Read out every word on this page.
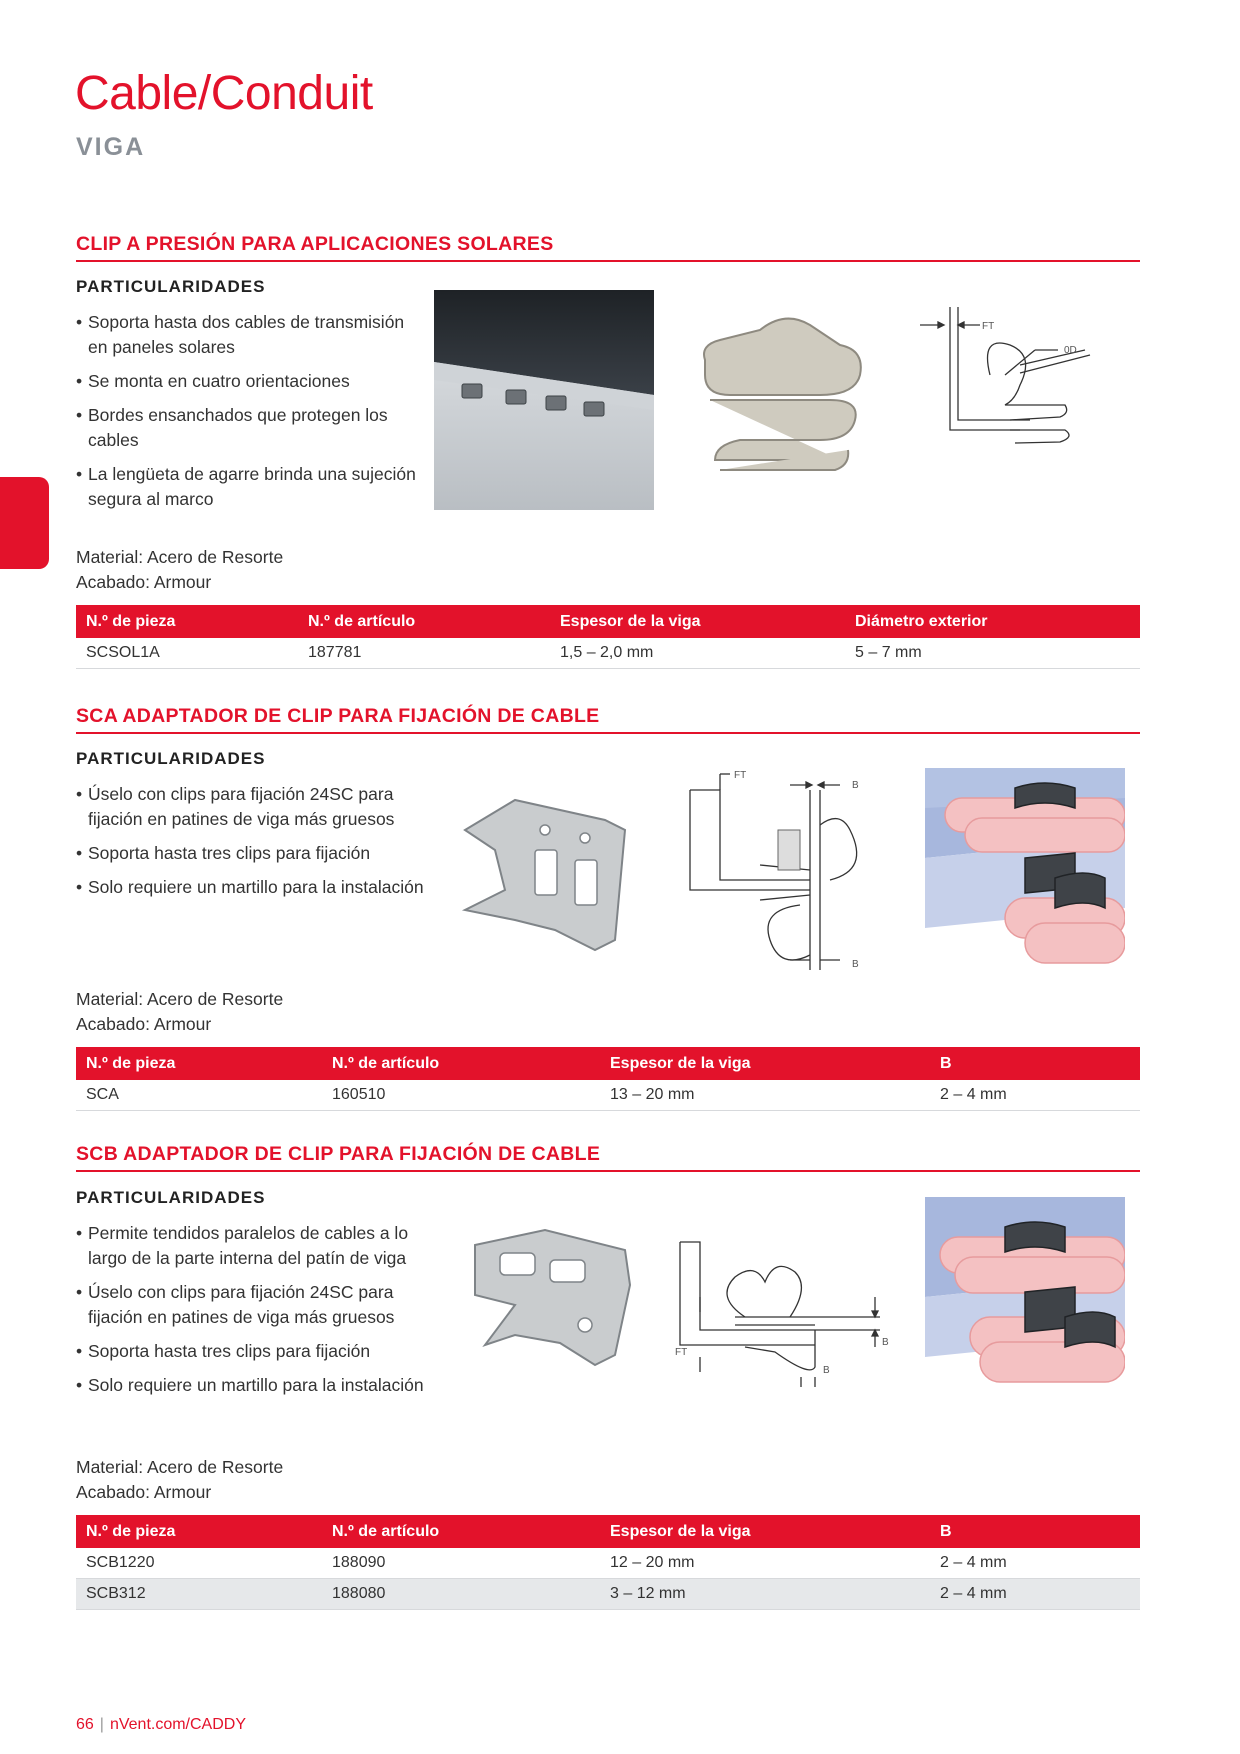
Cable/Conduit
VIGA
CLIP A PRESIÓN PARA APLICACIONES SOLARES
PARTICULARIDADES
• Soporta hasta dos cables de transmisión en paneles solares
• Se monta en cuatro orientaciones
• Bordes ensanchados que protegen los cables
• La lengüeta de agarre brinda una sujeción segura al marco
FT
0D
Material: Acero de Resorte
Acabado: Armour
N.º de pieza	N.º de artículo	Espesor de la viga	Diámetro exterior
SCSOL1A	187781	1,5 – 2,0 mm	5 – 7 mm
SCA ADAPTADOR DE CLIP PARA FIJACIÓN DE CABLE
PARTICULARIDADES
• Úselo con clips para fijación 24SC para fijación en patines de viga más gruesos
• Soporta hasta tres clips para fijación
• Solo requiere un martillo para la instalación
FT
B
B
Material: Acero de Resorte
Acabado: Armour
N.º de pieza	N.º de artículo	Espesor de la viga	B
SCA	160510	13 – 20 mm	2 – 4 mm
SCB ADAPTADOR DE CLIP PARA FIJACIÓN DE CABLE
PARTICULARIDADES
• Permite tendidos paralelos de cables a lo largo de la parte interna del patín de viga
• Úselo con clips para fijación 24SC para fijación en patines de viga más gruesos
• Soporta hasta tres clips para fijación
• Solo requiere un martillo para la instalación
B
FT
B
Material: Acero de Resorte
Acabado: Armour
N.º de pieza	N.º de artículo	Espesor de la viga	B
SCB1220	188090	12 – 20 mm	2 – 4 mm
SCB312	188080	3 – 12 mm	2 – 4 mm
66 | nVent.com/CADDY
